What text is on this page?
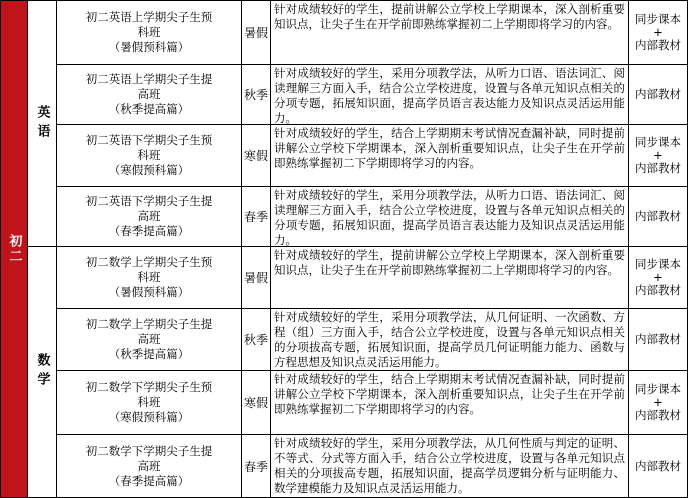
初二
英语
初二英语上学期尖子生预
科班
（暑假预科篇）
暑假
针对成绩较好的学生，提前讲解公立学校上学期课本，深入剖析重要知识点，让尖子生在开学前即熟练掌握初二上学期即将学习的内容。	同步课本
+
内部教材
初二英语上学期尖子生提
高班
（秋季提高篇）
秋季
针对成绩较好的学生，采用分项教学法，从听力口语、语法词汇、阅读理解三方面入手，结合公立学校进度，设置与各单元知识点相关的分项专题，拓展知识面，提高学员语言表达能力及知识点灵活运用能力。
内部教材
初二英语下学期尖子生预
科班
（寒假预科篇）
寒假
针对成绩较好的学生，结合上学期期末考试情况查漏补缺，同时提前讲解公立学校下学期课本，深入剖析重要知识点，让尖子生在开学前即熟练掌握初二下学期即将学习的内容。
同步课本
+
内部教材
初二英语下学期尖子生提
高班
（春季提高篇）
春季
针对成绩较好的学生，采用分项教学法，从听力口语、语法词汇、阅读理解三方面入手，结合公立学校进度，设置与各单元知识点相关的分项专题，拓展知识面，提高学员语言表达能力及知识点灵活运用能力。
内部教材
数学
初二数学上学期尖子生预
科班
（暑假预科篇）
暑假
针对成绩较好的学生，提前讲解公立学校上学期课本，深入剖析重要知识点，让尖子生在开学前即熟练掌握初二上学期即将学习的内容。	同步课本
+
内部教材
初二数学上学期尖子生提
高班
（秋季提高篇）
秋季
针对成绩较好的学生，采用分项教学法，从几何证明、一次函数、方程（组）三方面入手，结合公立学校进度，设置与各单元知识点相关的分项拔高专题，拓展知识面，提高学员几何证明能力能力、函数与方程思想及知识点灵活运用能力。
内部教材
初二数学下学期尖子生预
科班
（寒假预科篇）
寒假
针对成绩较好的学生，结合上学期期末考试情况查漏补缺，同时提前讲解公立学校下学期课本，深入剖析重要知识点，让尖子生在开学前即熟练掌握初二下学期即将学习的内容。
同步课本
+
内部教材
初二数学下学期尖子生提
高班
（春季提高篇）
春季
针对成绩较好的学生，采用分项教学法，从几何性质与判定的证明、不等式、分式等方面入手，结合公立学校进度，设置与各单元知识点相关的分项拔高专题，拓展知识面，提高学员逻辑分析与证明能力、数学建模能力及知识点灵活运用能力。
内部教材
